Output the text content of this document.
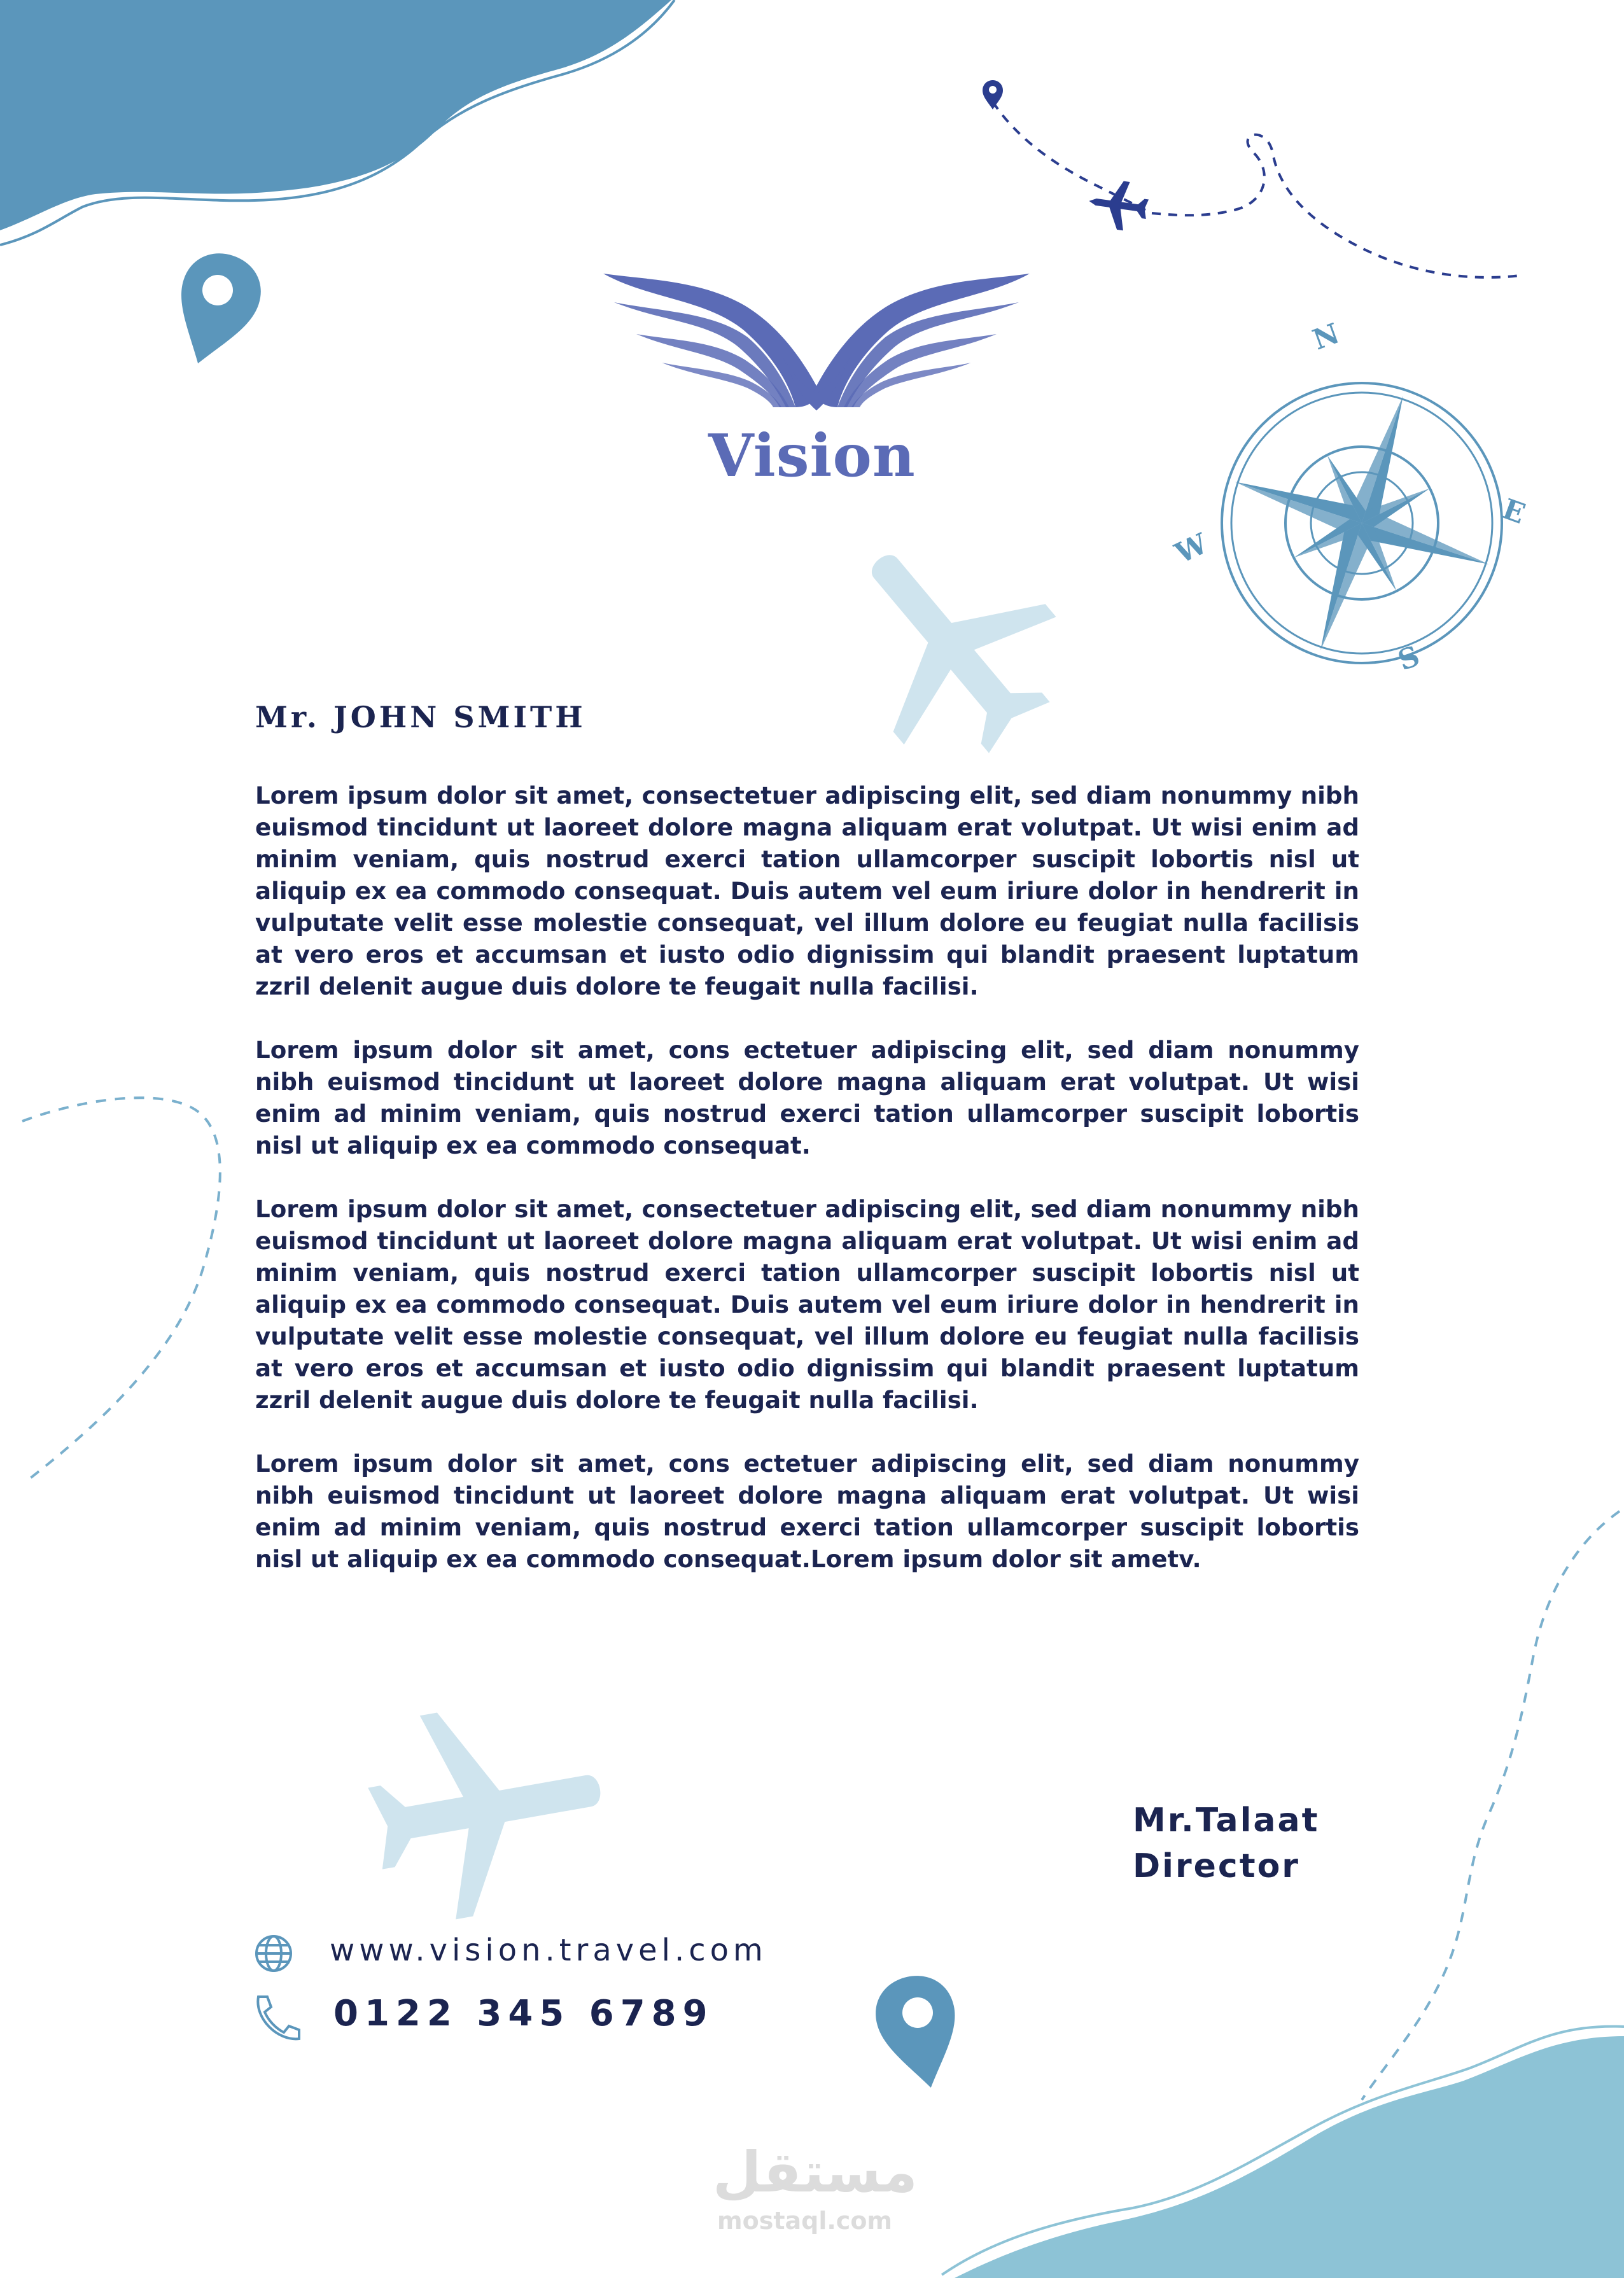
N
E
S
W
Vision
Mr. JOHN SMITH

Lorem ipsum dolor sit amet, consectetuer adipiscing elit, sed diam nonummy nibh euismod tincidunt ut laoreet dolore magna aliquam erat volutpat. Ut wisi enim ad minim veniam, quis nostrud exerci tation ullamcorper suscipit lobortis nisl ut aliquip ex ea commodo consequat. Duis autem vel eum iriure dolor in hendrerit in vulputate velit esse molestie consequat, vel illum dolore eu feugiat nulla facilisis at vero eros et accumsan et iusto odio dignissim qui blandit praesent luptatum zzril delenit augue duis dolore te feugait nulla facilisi.

Lorem ipsum dolor sit amet, cons ectetuer adipiscing elit, sed diam nonummy nibh euismod tincidunt ut laoreet dolore magna aliquam erat volutpat. Ut wisi enim ad minim veniam, quis nostrud exerci tation ullamcorper suscipit lobortis nisl ut aliquip ex ea commodo consequat.

Lorem ipsum dolor sit amet, consectetuer adipiscing elit, sed diam nonummy nibh euismod tincidunt ut laoreet dolore magna aliquam erat volutpat. Ut wisi enim ad minim veniam, quis nostrud exerci tation ullamcorper suscipit lobortis nisl ut aliquip ex ea commodo consequat. Duis autem vel eum iriure dolor in hendrerit in vulputate velit esse molestie consequat, vel illum dolore eu feugiat nulla facilisis at vero eros et accumsan et iusto odio dignissim qui blandit praesent luptatum zzril delenit augue duis dolore te feugait nulla facilisi.

Lorem ipsum dolor sit amet, cons ectetuer adipiscing elit, sed diam nonummy nibh euismod tincidunt ut laoreet dolore magna aliquam erat volutpat. Ut wisi enim ad minim veniam, quis nostrud exerci tation ullamcorper suscipit lobortis nisl ut aliquip ex ea commodo consequat.Lorem ipsum dolor sit ametv.

Mr.Talaat
Director
www.vision.travel.com
0122 345 6789
مستقل
mostaql.com
